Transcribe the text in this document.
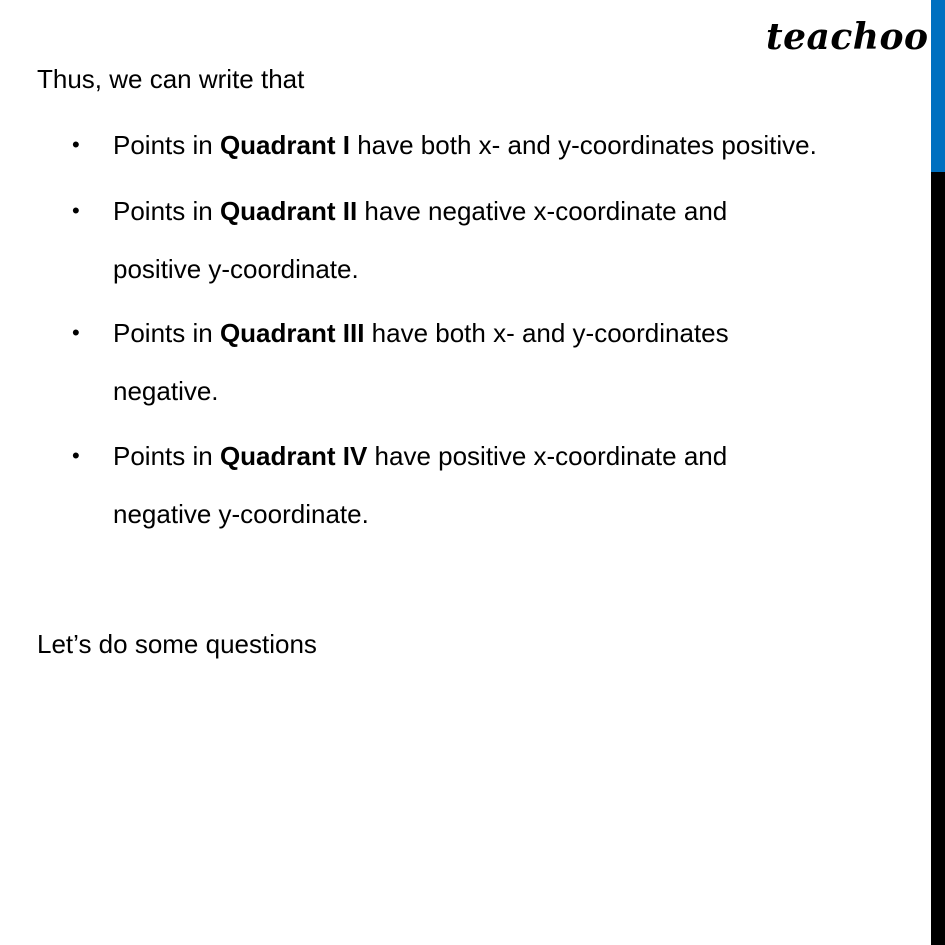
teachoo
Thus, we can write that
• Points in Quadrant I have both x- and y-coordinates positive.
• Points in Quadrant II have negative x-coordinate and
positive y-coordinate.
• Points in Quadrant III have both x- and y-coordinates
negative.
• Points in Quadrant IV have positive x-coordinate and
negative y-coordinate.
Let’s do some questions
